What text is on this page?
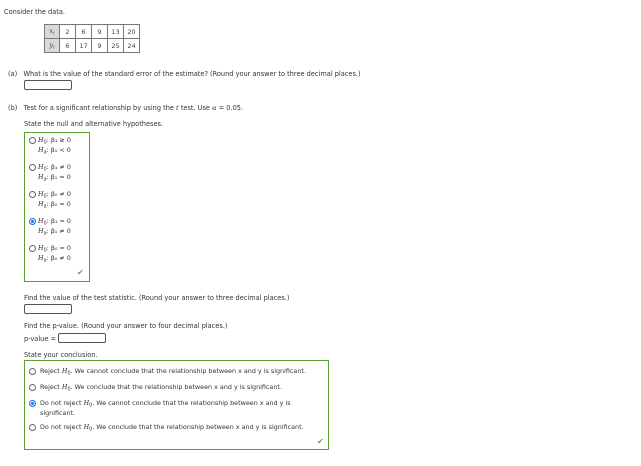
Consider the data.
$x_i$	2	6	9	13	20
$y_i$	6	17	9	25	24
(a) What is the value of the standard error of the estimate? (Round your answer to three decimal places.)
(b) Test for a significant relationship by using the t test. Use α = 0.05.
State the null and alternative hypotheses.
$H_0$: β₁ ≥ 0
$H_a$: β₁ < 0
$H_0$: β₁ ≠ 0
$H_a$: β₁ = 0
$H_0$: β₀ ≠ 0
$H_a$: β₀ = 0
$H_0$: β₁ = 0
$H_a$: β₁ ≠ 0
$H_0$: β₀ = 0
$H_a$: β₀ ≠ 0
✔
Find the value of the test statistic. (Round your answer to three decimal places.)
Find the p-value. (Round your answer to four decimal places.)
p-value =
State your conclusion.
Reject $H_0$. We cannot conclude that the relationship between x and y is significant.
Reject $H_0$. We conclude that the relationship between x and y is significant.
Do not reject $H_0$. We cannot conclude that the relationship between x and y is
significant.
Do not reject $H_0$. We conclude that the relationship between x and y is significant.
✔
